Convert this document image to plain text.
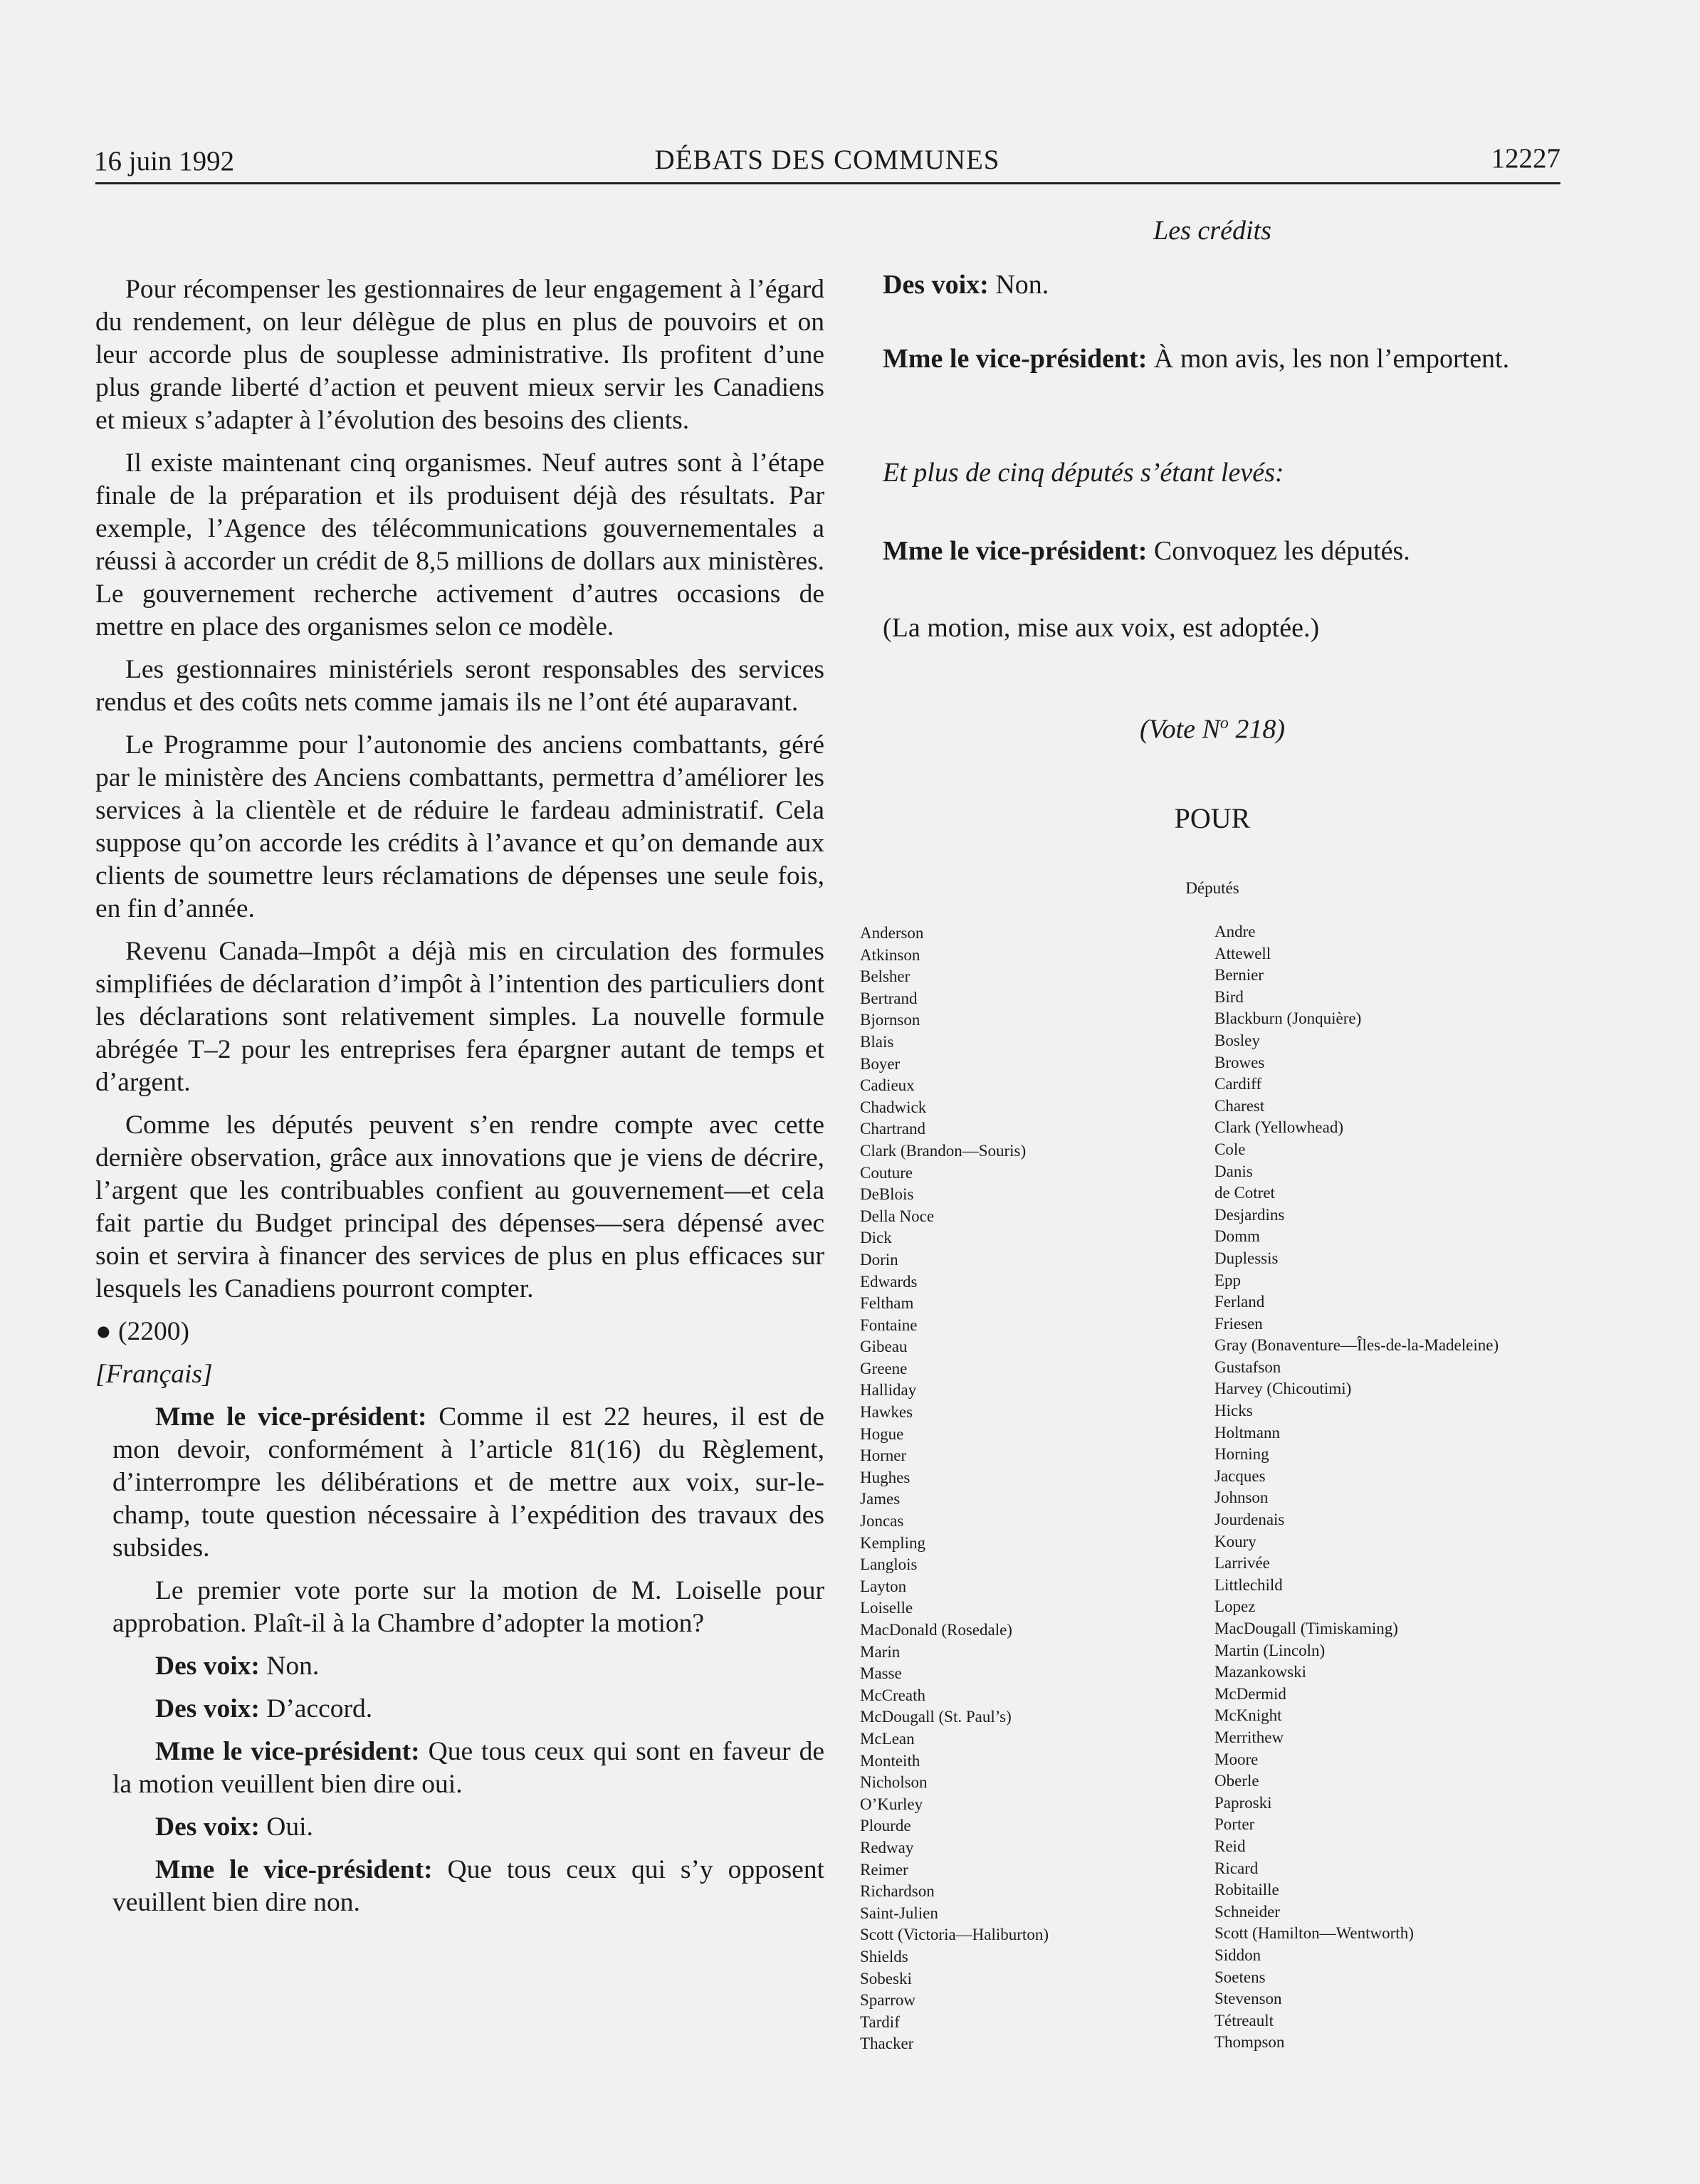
16 juin 1992	DÉBATS DES COMMUNES	12227

Pour récompenser les gestionnaires de leur engagement à l’égard du rendement, on leur délègue de plus en plus de pouvoirs et on leur accorde plus de souplesse administrative. Ils profitent d’une plus grande liberté d’action et peuvent mieux servir les Canadiens et mieux s’adapter à l’évolution des besoins des clients.

Il existe maintenant cinq organismes. Neuf autres sont à l’étape finale de la préparation et ils produisent déjà des résultats. Par exemple, l’Agence des télécommunications gouvernementales a réussi à accorder un crédit de 8,5 millions de dollars aux ministères. Le gouvernement recherche activement d’autres occasions de mettre en place des organismes selon ce modèle.

Les gestionnaires ministériels seront responsables des services rendus et des coûts nets comme jamais ils ne l’ont été auparavant.

Le Programme pour l’autonomie des anciens combattants, géré par le ministère des Anciens combattants, permettra d’améliorer les services à la clientèle et de réduire le fardeau administratif. Cela suppose qu’on accorde les crédits à l’avance et qu’on demande aux clients de soumettre leurs réclamations de dépenses une seule fois, en fin d’année.

Revenu Canada–Impôt a déjà mis en circulation des formules simplifiées de déclaration d’impôt à l’intention des particuliers dont les déclarations sont relativement simples. La nouvelle formule abrégée T–2 pour les entreprises fera épargner autant de temps et d’argent.

Comme les députés peuvent s’en rendre compte avec cette dernière observation, grâce aux innovations que je viens de décrire, l’argent que les contribuables confient au gouvernement—et cela fait partie du Budget principal des dépenses—sera dépensé avec soin et servira à financer des services de plus en plus efficaces sur lesquels les Canadiens pourront compter.

● (2200)

[Français]

Mme le vice-président: Comme il est 22 heures, il est de mon devoir, conformément à l’article 81(16) du Règlement, d’interrompre les délibérations et de mettre aux voix, sur-le-champ, toute question nécessaire à l’expédition des travaux des subsides.

Le premier vote porte sur la motion de M. Loiselle pour approbation. Plaît-il à la Chambre d’adopter la motion?

Des voix: Non.

Des voix: D’accord.

Mme le vice-président: Que tous ceux qui sont en faveur de la motion veuillent bien dire oui.

Des voix: Oui.

Mme le vice-président: Que tous ceux qui s’y opposent veuillent bien dire non.

Les crédits

Des voix: Non.

Mme le vice-président: À mon avis, les non l’emportent.

Et plus de cinq députés s’étant levés:

Mme le vice-président: Convoquez les députés.

(La motion, mise aux voix, est adoptée.)

(Vote $N^o$ 218)

POUR

Députés
Anderson
Atkinson
Belsher
Bertrand
Bjornson
Blais
Boyer
Cadieux
Chadwick
Chartrand
Clark (Brandon—Souris)
Couture
DeBlois
Della Noce
Dick
Dorin
Edwards
Feltham
Fontaine
Gibeau
Greene
Halliday
Hawkes
Hogue
Horner
Hughes
James
Joncas
Kempling
Langlois
Layton
Loiselle
MacDonald (Rosedale)
Marin
Masse
McCreath
McDougall (St. Paul’s)
McLean
Monteith
Nicholson
O’Kurley
Plourde
Redway
Reimer
Richardson
Saint-Julien
Scott (Victoria—Haliburton)
Shields
Sobeski
Sparrow
Tardif
Thacker
Andre
Attewell
Bernier
Bird
Blackburn (Jonquière)
Bosley
Browes
Cardiff
Charest
Clark (Yellowhead)
Cole
Danis
de Cotret
Desjardins
Domm
Duplessis
Epp
Ferland
Friesen
Gray (Bonaventure—Îles-de-la-Madeleine)
Gustafson
Harvey (Chicoutimi)
Hicks
Holtmann
Horning
Jacques
Johnson
Jourdenais
Koury
Larrivée
Littlechild
Lopez
MacDougall (Timiskaming)
Martin (Lincoln)
Mazankowski
McDermid
McKnight
Merrithew
Moore
Oberle
Paproski
Porter
Reid
Ricard
Robitaille
Schneider
Scott (Hamilton—Wentworth)
Siddon
Soetens
Stevenson
Tétreault
Thompson
